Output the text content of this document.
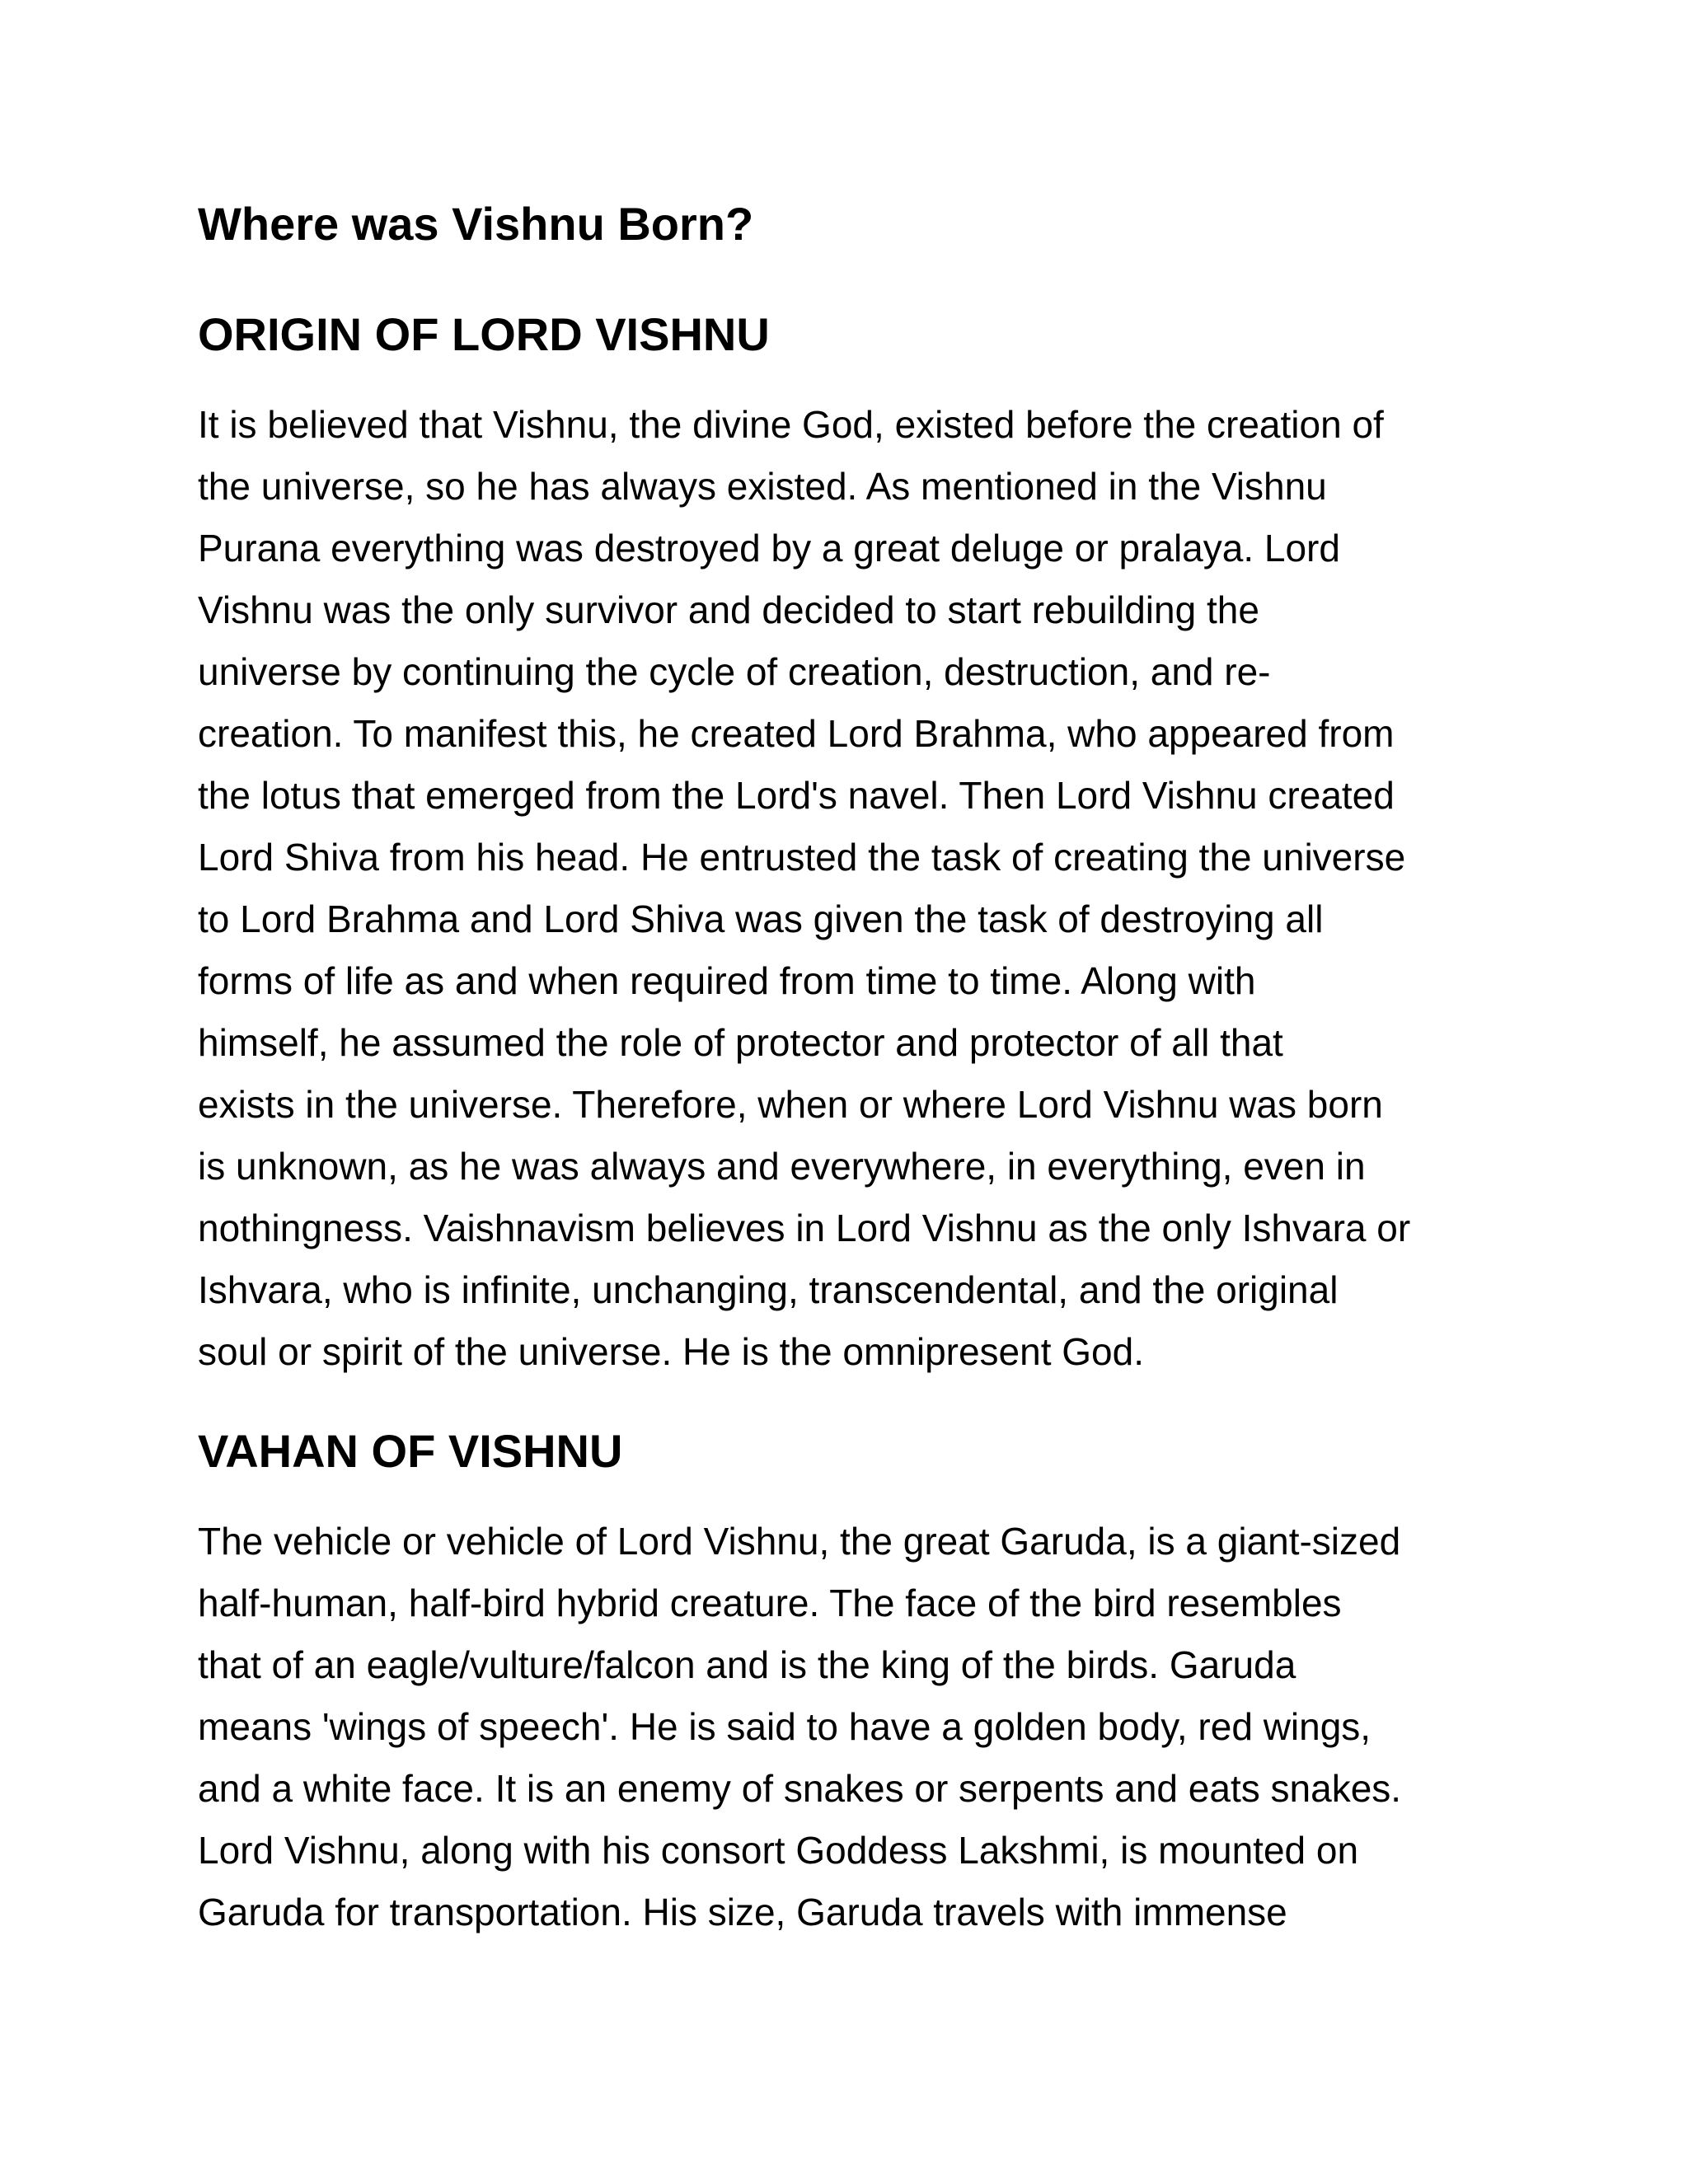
Where was Vishnu Born?
ORIGIN OF LORD VISHNU

It is believed that Vishnu, the divine God, existed before the creation of

the universe, so he has always existed. As mentioned in the Vishnu

Purana everything was destroyed by a great deluge or pralaya. Lord

Vishnu was the only survivor and decided to start rebuilding the

universe by continuing the cycle of creation, destruction, and re-

creation. To manifest this, he created Lord Brahma, who appeared from

the lotus that emerged from the Lord's navel. Then Lord Vishnu created

Lord Shiva from his head. He entrusted the task of creating the universe

to Lord Brahma and Lord Shiva was given the task of destroying all

forms of life as and when required from time to time. Along with

himself, he assumed the role of protector and protector of all that

exists in the universe. Therefore, when or where Lord Vishnu was born

is unknown, as he was always and everywhere, in everything, even in

nothingness. Vaishnavism believes in Lord Vishnu as the only Ishvara or

Ishvara, who is infinite, unchanging, transcendental, and the original

soul or spirit of the universe. He is the omnipresent God.

VAHAN OF VISHNU

The vehicle or vehicle of Lord Vishnu, the great Garuda, is a giant-sized

half-human, half-bird hybrid creature. The face of the bird resembles

that of an eagle/vulture/falcon and is the king of the birds. Garuda

means 'wings of speech'. He is said to have a golden body, red wings,

and a white face. It is an enemy of snakes or serpents and eats snakes.

Lord Vishnu, along with his consort Goddess Lakshmi, is mounted on

Garuda for transportation. His size, Garuda travels with immense
